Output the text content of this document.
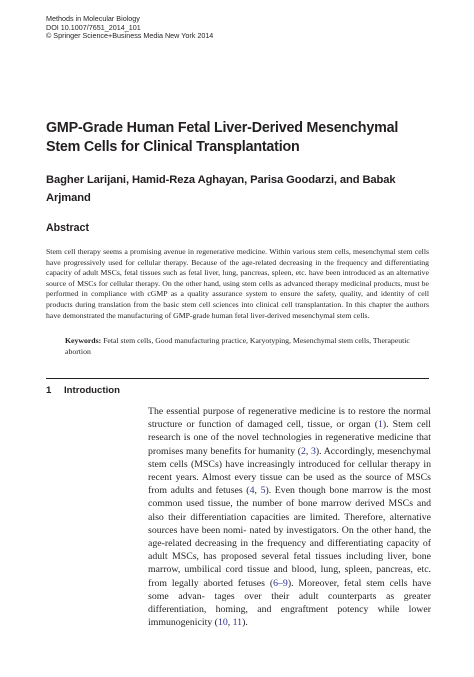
Methods in Molecular Biology
DOI 10.1007/7651_2014_101
© Springer Science+Business Media New York 2014
GMP-Grade Human Fetal Liver-Derived Mesenchymal Stem Cells for Clinical Transplantation
Bagher Larijani, Hamid-Reza Aghayan, Parisa Goodarzi, and Babak Arjmand
Abstract

Stem cell therapy seems a promising avenue in regenerative medicine. Within various stem cells, mesenchymal stem cells have progressively used for cellular therapy. Because of the age-related decreasing in the frequency and differentiating capacity of adult MSCs, fetal tissues such as fetal liver, lung, pancreas, spleen, etc. have been introduced as an alternative source of MSCs for cellular therapy. On the other hand, using stem cells as advanced therapy medicinal products, must be performed in compliance with cGMP as a quality assurance system to ensure the safety, quality, and identity of cell products during translation from the basic stem cell sciences into clinical cell transplantation. In this chapter the authors have demonstrated the manufacturing of GMP-grade human fetal liver-derived mesenchymal stem cells.

Keywords: Fetal stem cells, Good manufacturing practice, Karyotyping, Mesenchymal stem cells, Therapeutic abortion
1 Introduction

The essential purpose of regenerative medicine is to restore the normal structure or function of damaged cell, tissue, or organ (1). Stem cell research is one of the novel technologies in regenerative medicine that promises many benefits for humanity (2, 3). Accordingly, mesenchymal stem cells (MSCs) have increasingly introduced for cellular therapy in recent years. Almost every tissue can be used as the source of MSCs from adults and fetuses (4, 5). Even though bone marrow is the most common used tissue, the number of bone marrow derived MSCs and also their differentiation capacities are limited. Therefore, alternative sources have been nomi- nated by investigators. On the other hand, the age-related decreasing in the frequency and differentiating capacity of adult MSCs, has proposed several fetal tissues including liver, bone marrow, umbilical cord tissue and blood, lung, spleen, pancreas, etc. from legally aborted fetuses (6–9). Moreover, fetal stem cells have some advan- tages over their adult counterparts as greater differentiation, homing, and engraftment potency while lower immunogenicity (10, 11).
